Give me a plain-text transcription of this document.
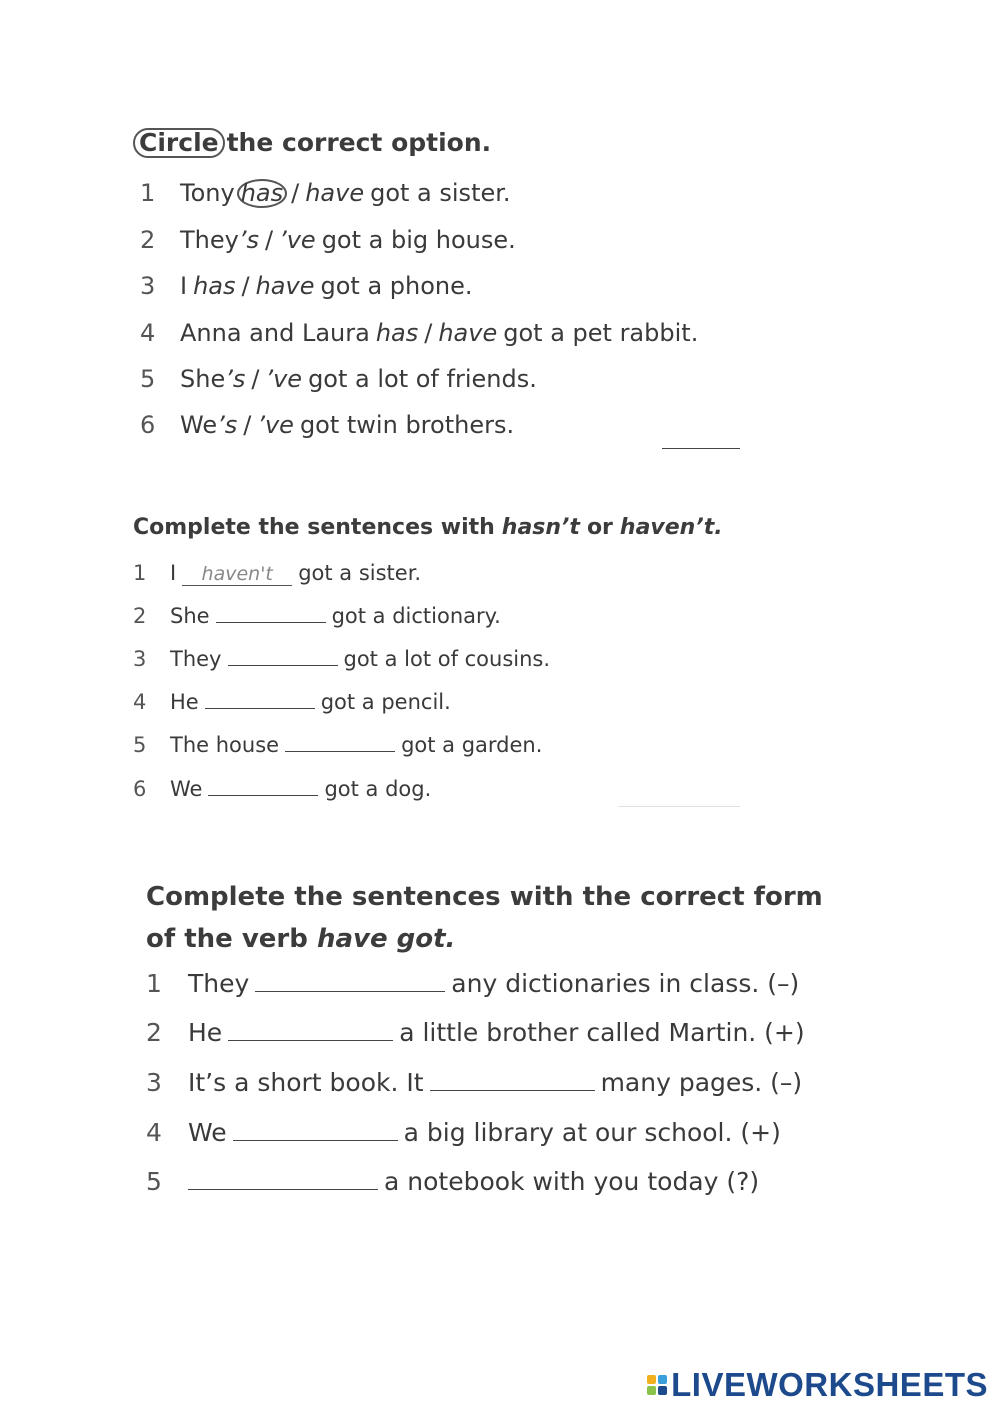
Circle the correct option.
1	Tony has / have got a sister.
2	They ’s / ’ve got a big house.
3	I has / have got a phone.
4	Anna and Laura has / have got a pet rabbit.
5	She ’s / ’ve got a lot of friends.
6	We ’s / ’ve got twin brothers.
Complete the sentences with hasn’t or haven’t.
1	I	haven't	got a sister.
2	She	got a dictionary.
3	They	got a lot of cousins.
4	He	got a pencil.
5	The house	got a garden.
6	We	got a dog.
Complete the sentences with the correct form
of the verb have got.
1	They	any dictionaries in class. (–)
2	He	a little brother called Martin. (+)
3	It’s a short book. It	many pages. (–)
4	We	a big library at our school. (+)
5	a notebook with you today (?)
LIVEWORKSHEETS
